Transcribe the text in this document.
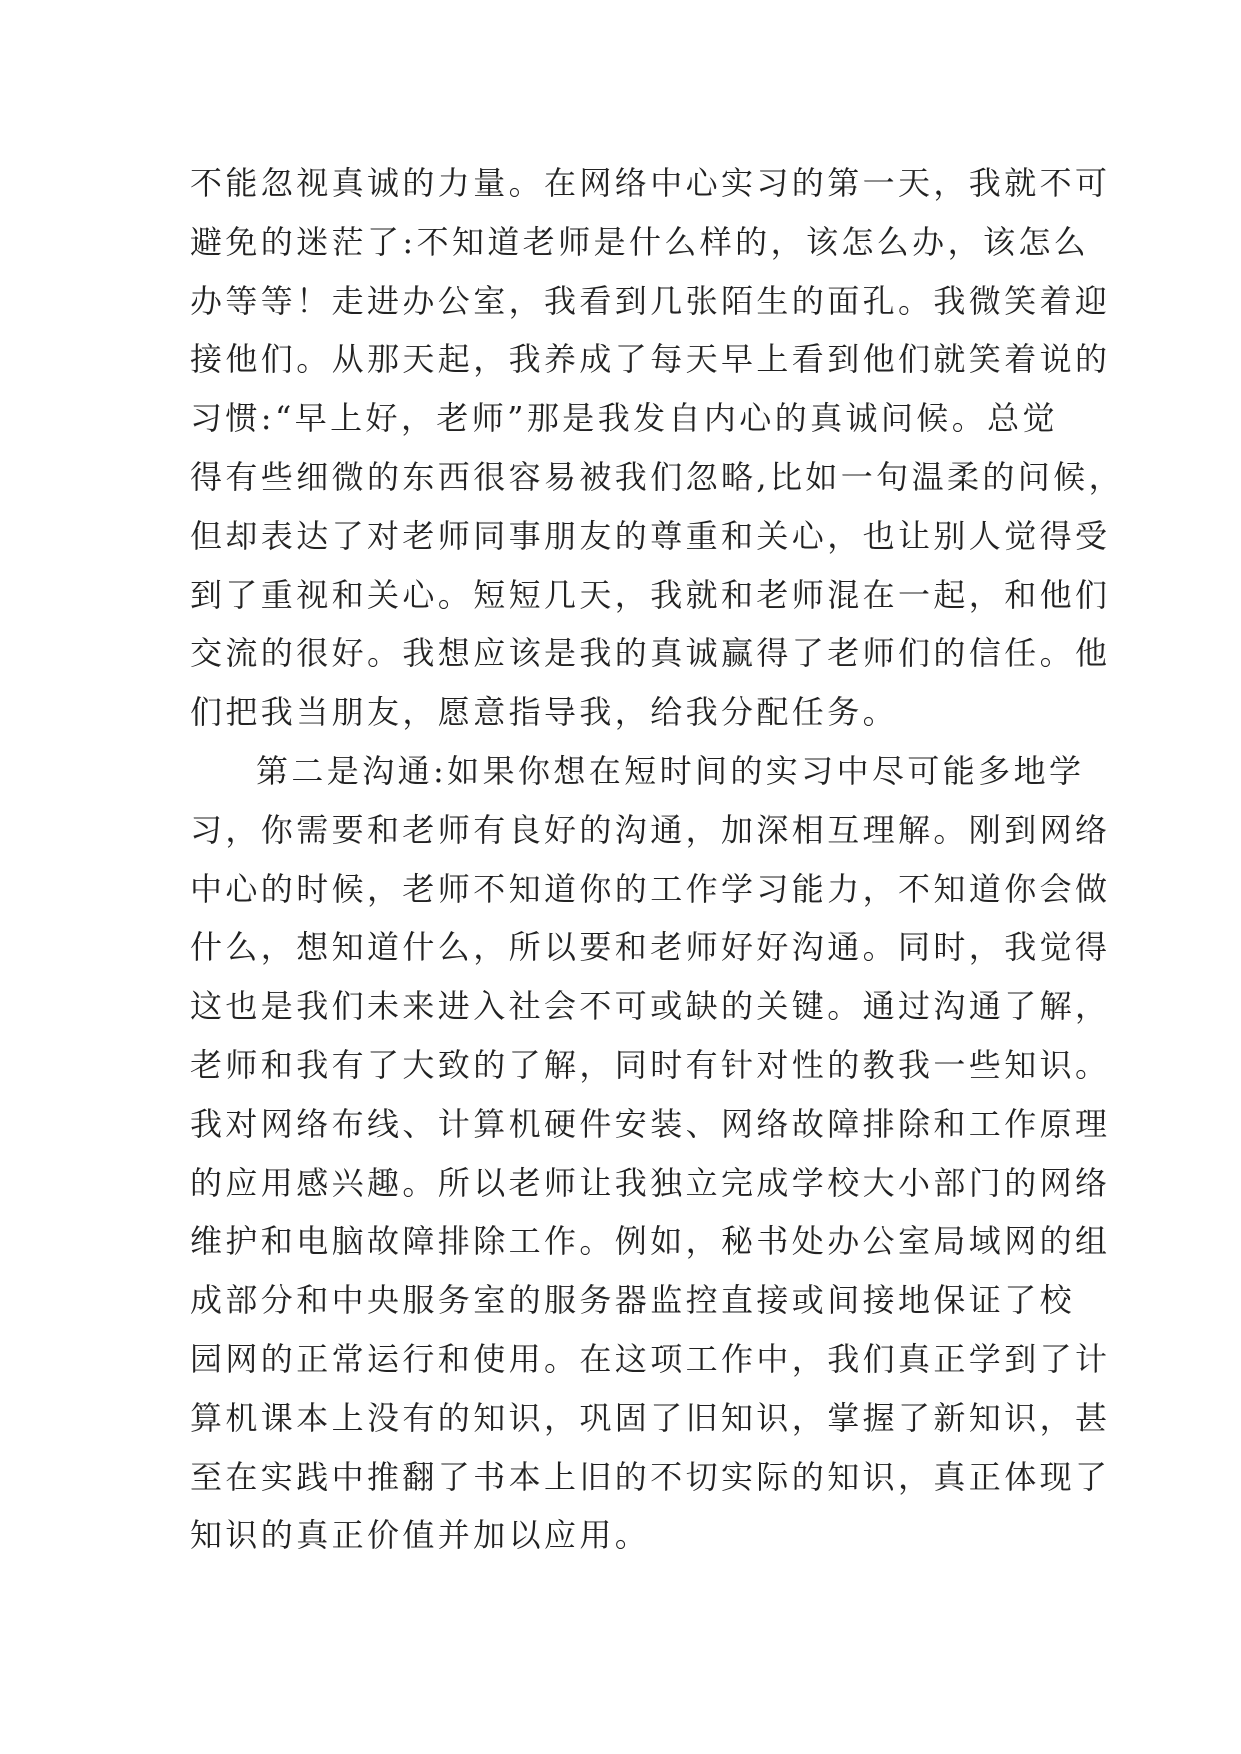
不能忽视真诚的力量。在网络中心实习的第一天，我就不可
避免的迷茫了:不知道老师是什么样的，该怎么办，该怎么
办等等！走进办公室，我看到几张陌生的面孔。我微笑着迎
接他们。从那天起，我养成了每天早上看到他们就笑着说的
习惯:“早上好，老师”那是我发自内心的真诚问候。总觉
得有些细微的东西很容易被我们忽略,比如一句温柔的问候，
但却表达了对老师同事朋友的尊重和关心，也让别人觉得受
到了重视和关心。短短几天，我就和老师混在一起，和他们
交流的很好。我想应该是我的真诚赢得了老师们的信任。他
们把我当朋友，愿意指导我，给我分配任务。
第二是沟通:如果你想在短时间的实习中尽可能多地学
习，你需要和老师有良好的沟通，加深相互理解。刚到网络
中心的时候，老师不知道你的工作学习能力，不知道你会做
什么，想知道什么，所以要和老师好好沟通。同时，我觉得
这也是我们未来进入社会不可或缺的关键。通过沟通了解，
老师和我有了大致的了解，同时有针对性的教我一些知识。
我对网络布线、计算机硬件安装、网络故障排除和工作原理
的应用感兴趣。所以老师让我独立完成学校大小部门的网络
维护和电脑故障排除工作。例如，秘书处办公室局域网的组
成部分和中央服务室的服务器监控直接或间接地保证了校
园网的正常运行和使用。在这项工作中，我们真正学到了计
算机课本上没有的知识，巩固了旧知识，掌握了新知识，甚
至在实践中推翻了书本上旧的不切实际的知识，真正体现了
知识的真正价值并加以应用。
